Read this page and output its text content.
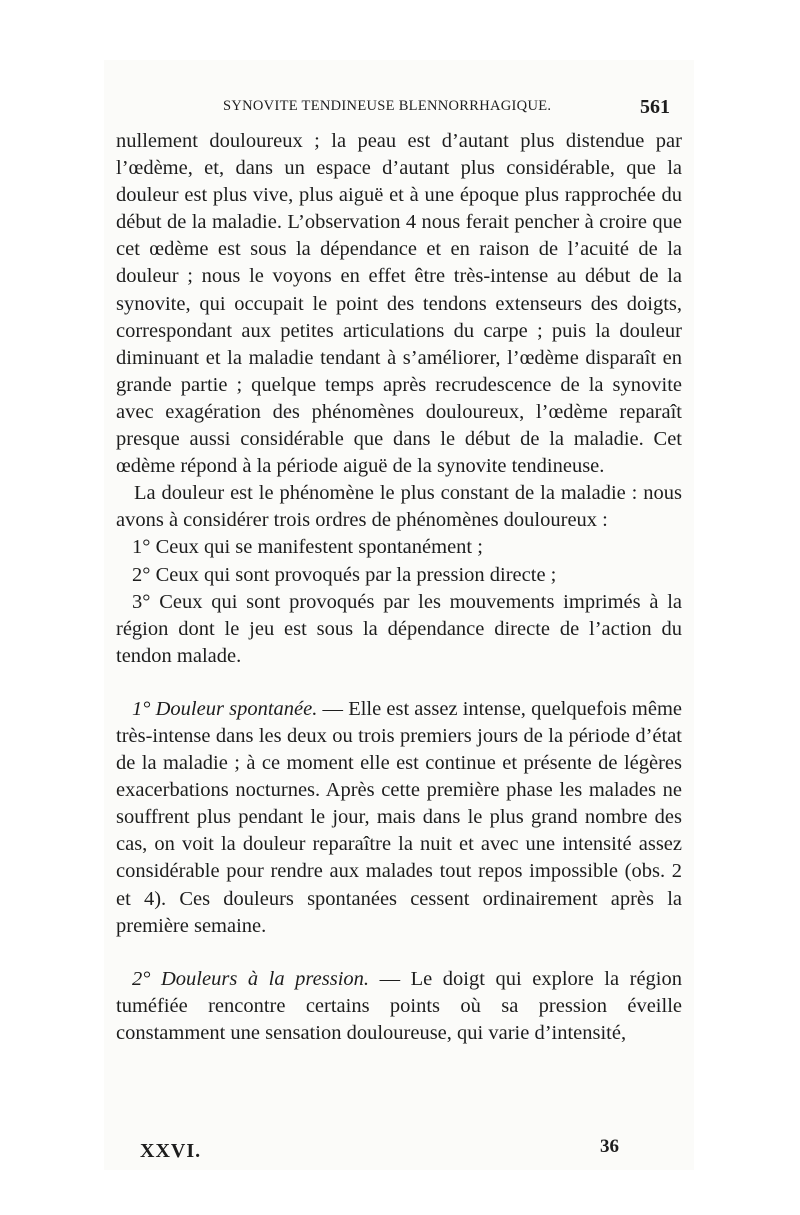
SYNOVITE TENDINEUSE BLENNORRHAGIQUE.	561

nullement douloureux ; la peau est d’autant plus distendue par l’œdème, et, dans un espace d’autant plus considérable, que la douleur est plus vive, plus aiguë et à une époque plus rapprochée du début de la maladie. L’observation 4 nous ferait pencher à croire que cet œdème est sous la dépendance et en raison de l’acuité de la douleur ; nous le voyons en effet être très-intense au début de la synovite, qui occupait le point des tendons extenseurs des doigts, correspondant aux petites articulations du carpe ; puis la douleur diminuant et la maladie tendant à s’améliorer, l’œdème disparaît en grande partie ; quelque temps après recrudescence de la synovite avec exagération des phénomènes douloureux, l’œdème reparaît presque aussi considérable que dans le début de la maladie. Cet œdème répond à la période aiguë de la synovite tendineuse.

La douleur est le phénomène le plus constant de la maladie : nous avons à considérer trois ordres de phénomènes douloureux :

1° Ceux qui se manifestent spontanément ;

2° Ceux qui sont provoqués par la pression directe ;

3° Ceux qui sont provoqués par les mouvements imprimés à la région dont le jeu est sous la dépendance directe de l’action du tendon malade.

1° Douleur spontanée. — Elle est assez intense, quelquefois même très-intense dans les deux ou trois premiers jours de la période d’état de la maladie ; à ce moment elle est continue et présente de légères exacerbations nocturnes. Après cette première phase les malades ne souffrent plus pendant le jour, mais dans le plus grand nombre des cas, on voit la douleur reparaître la nuit et avec une intensité assez considérable pour rendre aux malades tout repos impossible (obs. 2 et 4). Ces douleurs spontanées cessent ordinairement après la première semaine.

2° Douleurs à la pression. — Le doigt qui explore la région tuméfiée rencontre certains points où sa pression éveille constamment une sensation douloureuse, qui varie d’intensité,

XXVI.	36
